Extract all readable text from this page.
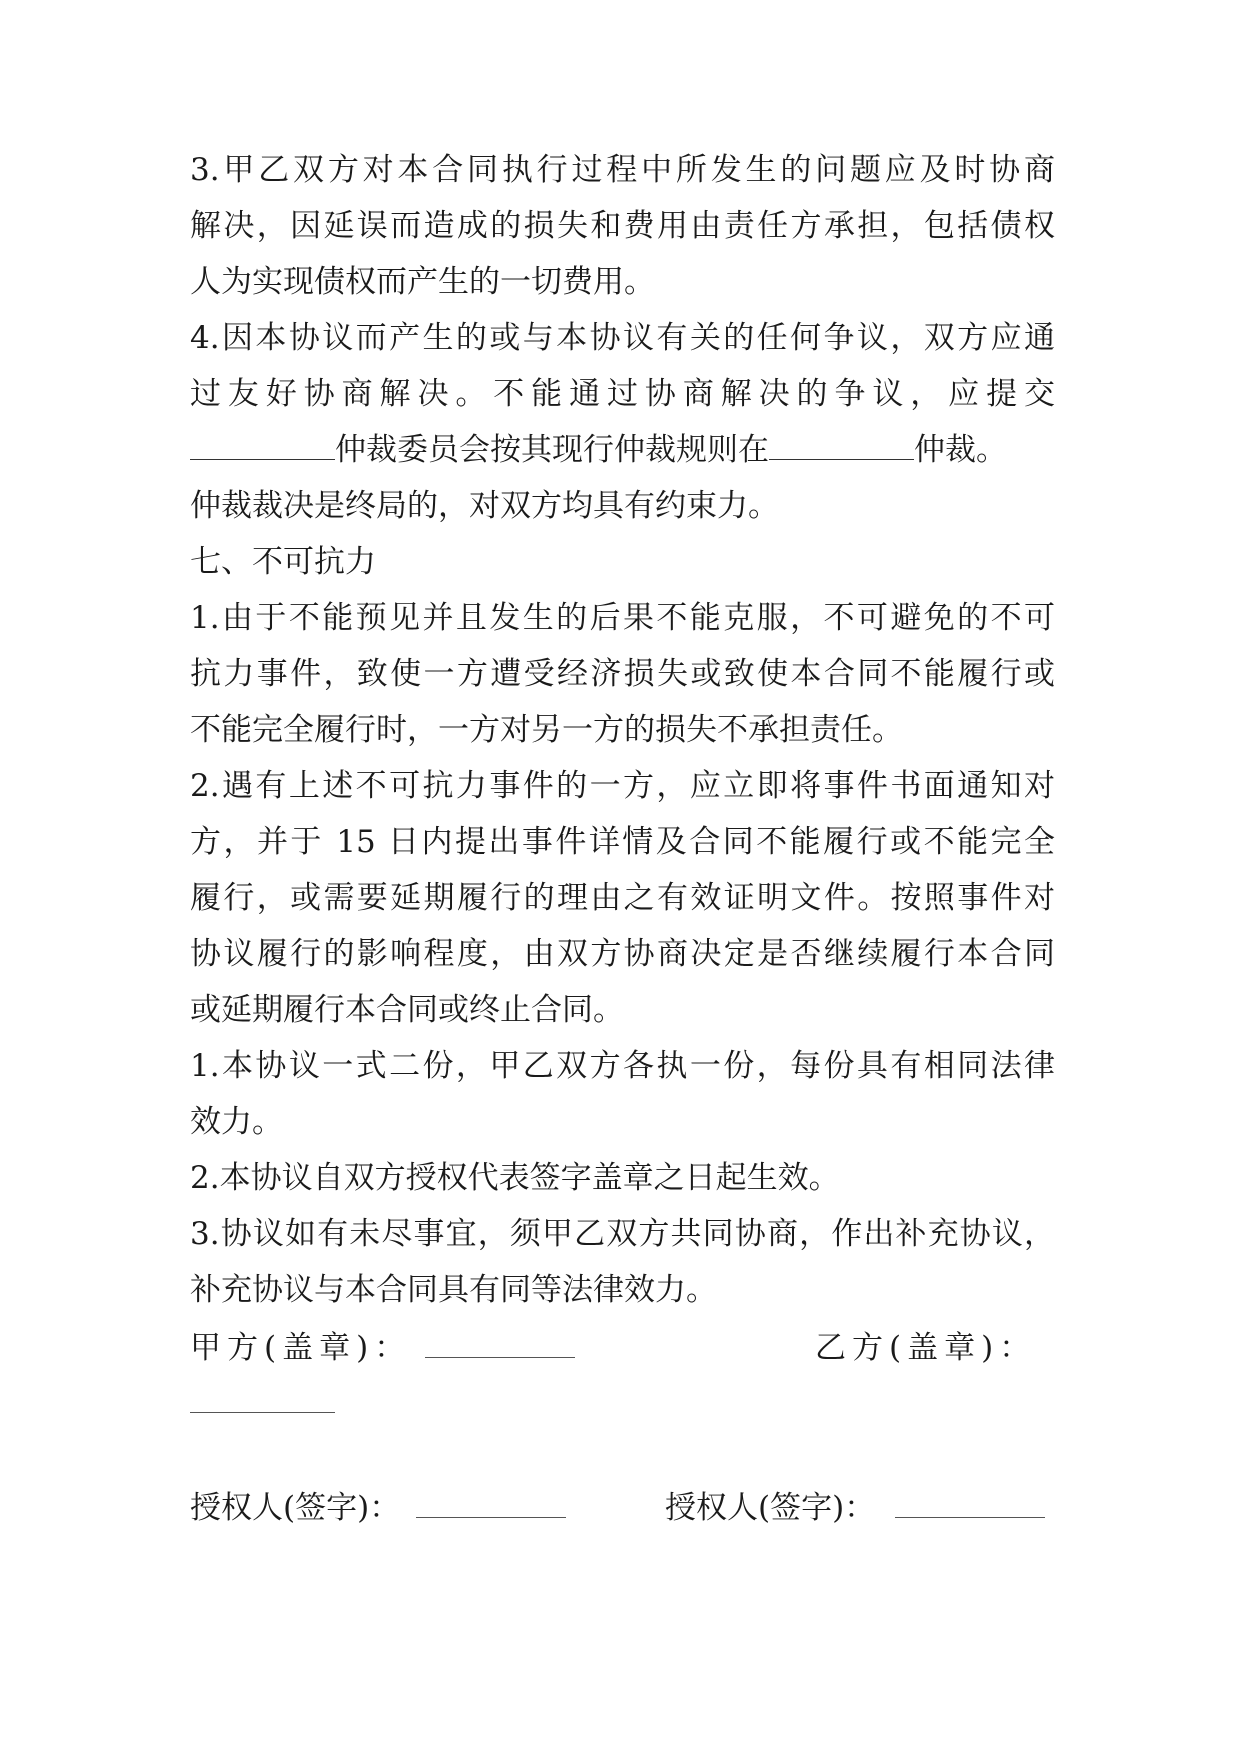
3.甲乙双方对本合同执行过程中所发生的问题应及时协商
解决，因延误而造成的损失和费用由责任方承担，包括债权
人为实现债权而产生的一切费用。
4.因本协议而产生的或与本协议有关的任何争议，双方应通
过友好协商解决。不能通过协商解决的争议，应提交
仲裁委员会按其现行仲裁规则在	仲裁。
仲裁裁决是终局的，对双方均具有约束力。
七、不可抗力
1.由于不能预见并且发生的后果不能克服，不可避免的不可
抗力事件，致使一方遭受经济损失或致使本合同不能履行或
不能完全履行时，一方对另一方的损失不承担责任。
2.遇有上述不可抗力事件的一方，应立即将事件书面通知对
方，并于 15 日内提出事件详情及合同不能履行或不能完全
履行，或需要延期履行的理由之有效证明文件。按照事件对
协议履行的影响程度，由双方协商决定是否继续履行本合同
或延期履行本合同或终止合同。
1.本协议一式二份，甲乙双方各执一份，每份具有相同法律
效力。
2.本协议自双方授权代表签字盖章之日起生效。
3.协议如有未尽事宜，须甲乙双方共同协商，作出补充协议，
补充协议与本合同具有同等法律效力。
甲方(盖章)：	乙方(盖章)：
授权人(签字)：	授权人(签字)：
